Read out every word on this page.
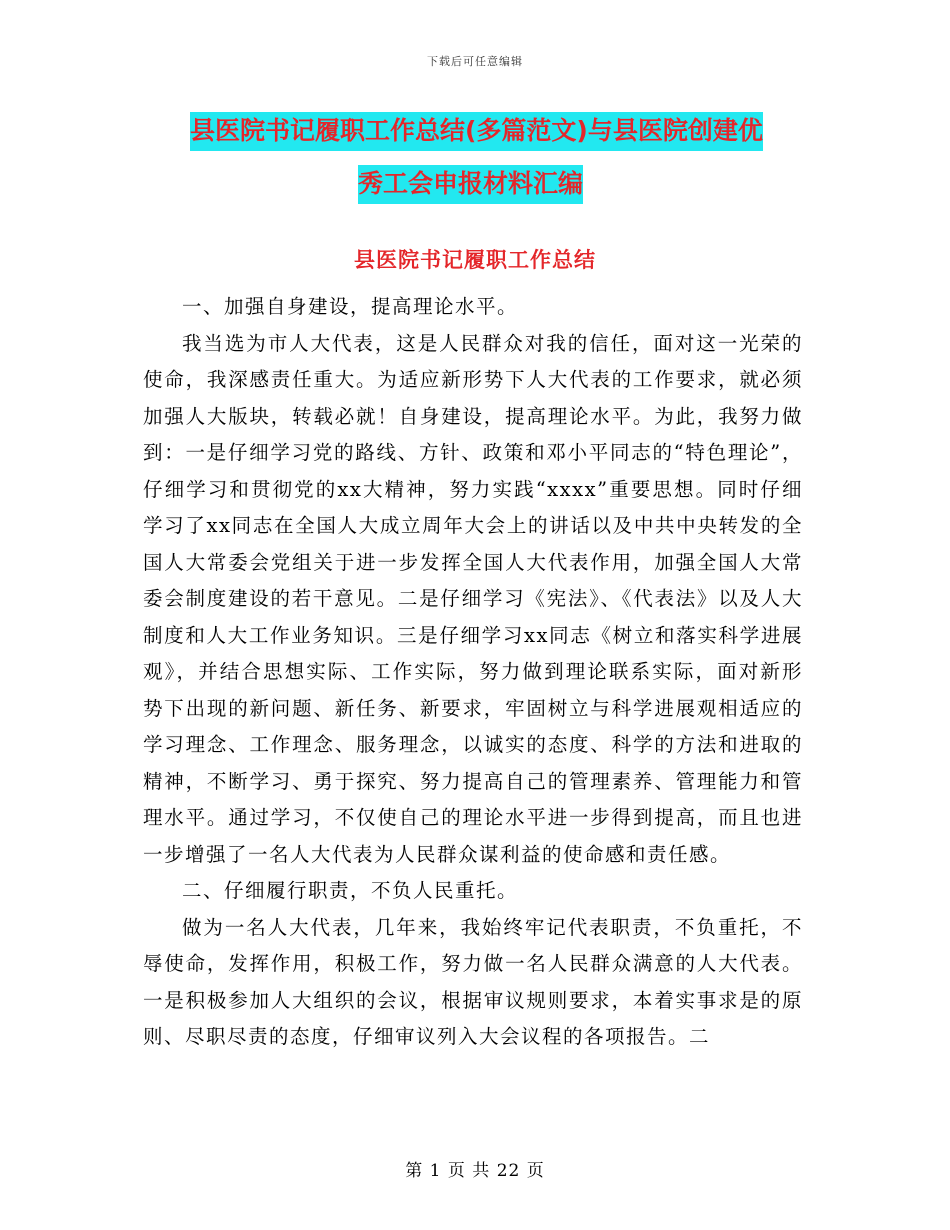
下载后可任意编辑
县医院书记履职工作总结(多篇范文)与县医院创建优
秀工会申报材料汇编
县医院书记履职工作总结

一、加强自身建设，提高理论水平。

我当选为市人大代表，这是人民群众对我的信任，面对这一光荣的使命，我深感责任重大。为适应新形势下人大代表的工作要求，就必须加强人大版块，转载必就！自身建设，提高理论水平。为此，我努力做到：一是仔细学习党的路线、方针、政策和邓小平同志的“特色理论”，仔细学习和贯彻党的xx大精神，努力实践“xxxx”重要思想。同时仔细学习了xx同志在全国人大成立周年大会上的讲话以及中共中央转发的全国人大常委会党组关于进一步发挥全国人大代表作用，加强全国人大常委会制度建设的若干意见。二是仔细学习《宪法》、《代表法》以及人大制度和人大工作业务知识。三是仔细学习xx同志《树立和落实科学进展观》，并结合思想实际、工作实际，努力做到理论联系实际，面对新形势下出现的新问题、新任务、新要求，牢固树立与科学进展观相适应的学习理念、工作理念、服务理念，以诚实的态度、科学的方法和进取的精神，不断学习、勇于探究、努力提高自己的管理素养、管理能力和管理水平。通过学习，不仅使自己的理论水平进一步得到提高，而且也进一步增强了一名人大代表为人民群众谋利益的使命感和责任感。

二、仔细履行职责，不负人民重托。

做为一名人大代表，几年来，我始终牢记代表职责，不负重托，不辱使命，发挥作用，积极工作，努力做一名人民群众满意的人大代表。一是积极参加人大组织的会议，根据审议规则要求，本着实事求是的原则、尽职尽责的态度，仔细审议列入大会议程的各项报告。二

第 1 页 共 22 页
